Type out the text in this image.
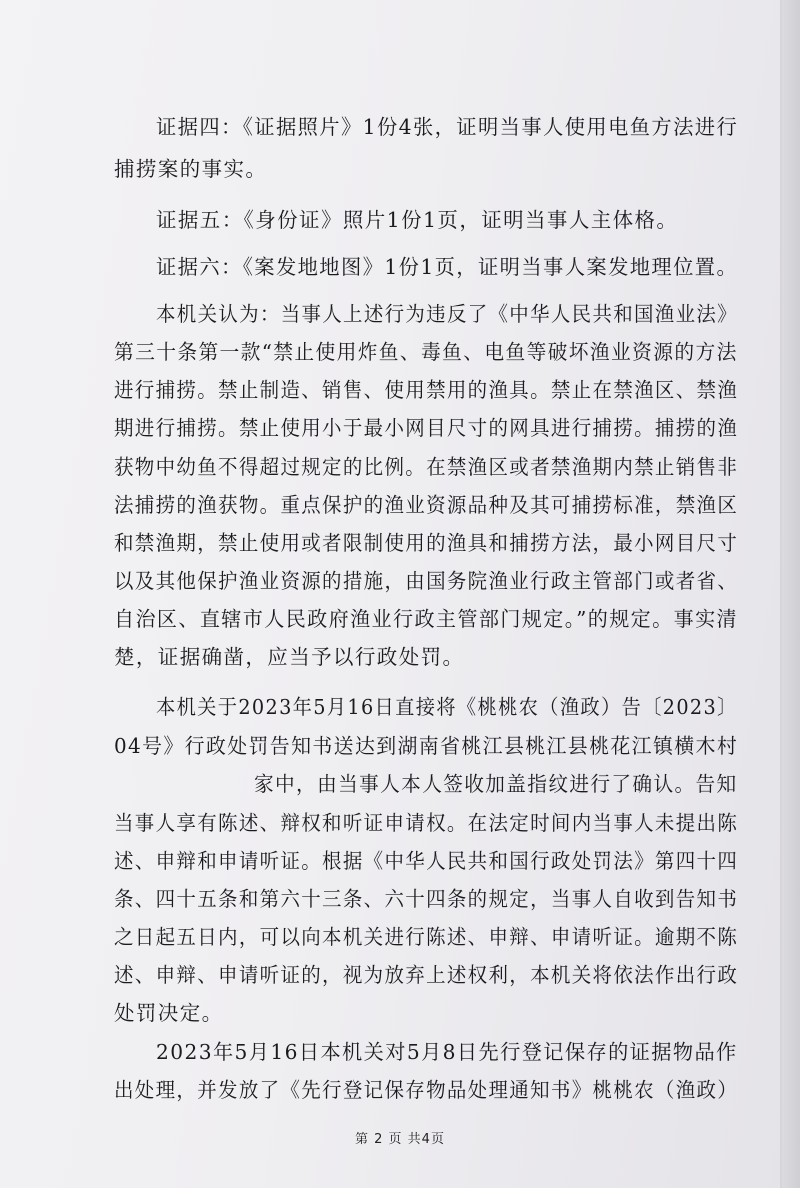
证据四：《证据照片》1份4张，证明当事人使用电鱼方法进行
捕捞案的事实。
证据五：《身份证》照片1份1页，证明当事人主体格。
证据六：《案发地地图》1份1页，证明当事人案发地理位置。
本机关认为：当事人上述行为违反了《中华人民共和国渔业法》
第三十条第一款“禁止使用炸鱼、毒鱼、电鱼等破坏渔业资源的方法
进行捕捞。禁止制造、销售、使用禁用的渔具。禁止在禁渔区、禁渔
期进行捕捞。禁止使用小于最小网目尺寸的网具进行捕捞。捕捞的渔
获物中幼鱼不得超过规定的比例。在禁渔区或者禁渔期内禁止销售非
法捕捞的渔获物。重点保护的渔业资源品种及其可捕捞标准，禁渔区
和禁渔期，禁止使用或者限制使用的渔具和捕捞方法，最小网目尺寸
以及其他保护渔业资源的措施，由国务院渔业行政主管部门或者省、
自治区、直辖市人民政府渔业行政主管部门规定。”的规定。事实清
楚，证据确凿，应当予以行政处罚。
本机关于2023年5月16日直接将《桃桃农（渔政）告〔2023〕
04号》行政处罚告知书送达到湖南省桃江县桃江县桃花江镇横木村
家中，由当事人本人签收加盖指纹进行了确认。告知
当事人享有陈述、辩权和听证申请权。在法定时间内当事人未提出陈
述、申辩和申请听证。根据《中华人民共和国行政处罚法》第四十四
条、四十五条和第六十三条、六十四条的规定，当事人自收到告知书
之日起五日内，可以向本机关进行陈述、申辩、申请听证。逾期不陈
述、申辩、申请听证的，视为放弃上述权利，本机关将依法作出行政
处罚决定。
2023年5月16日本机关对5月8日先行登记保存的证据物品作
出处理，并发放了《先行登记保存物品处理通知书》桃桃农（渔政）
第 2 页 共4页
